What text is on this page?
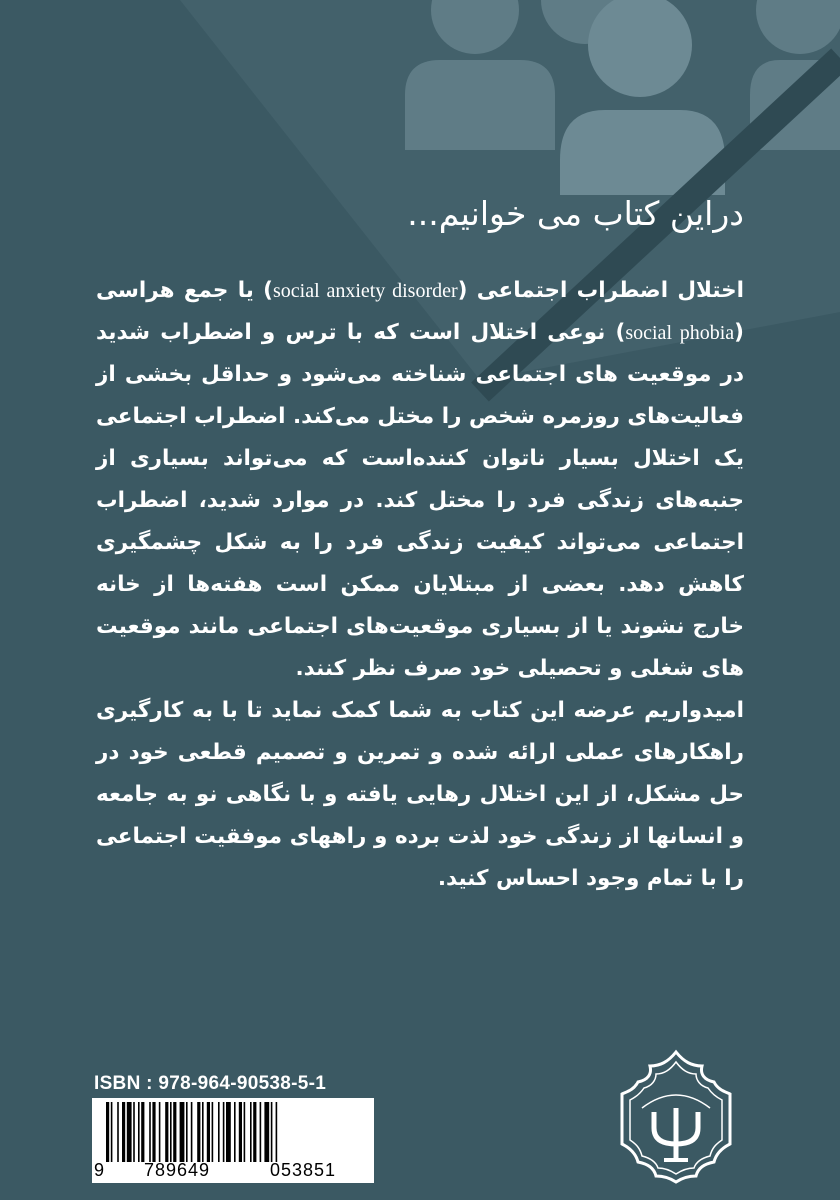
دراین کتاب می خوانیم...

اختلال اضطراب اجتماعی (social anxiety disorder) یا جمع هراسی (social phobia) نوعی اختلال است که با ترس و اضطراب شدید در موقعیت های اجتماعی شناخته می‌شود و حداقل بخشی از فعالیت‌های روزمره شخص را مختل می‌کند. اضطراب اجتماعی یک اختلال بسیار ناتوان کننده‌است که می‌تواند بسیاری از جنبه‌های زندگی فرد را مختل کند. در موارد شدید، اضطراب اجتماعی می‌تواند کیفیت زندگی فرد را به شکل چشمگیری کاهش دهد. بعضی از مبتلایان ممکن است هفته‌ها از خانه خارج نشوند یا از بسیاری موقعیت‌های اجتماعی مانند موقعیت های شغلی و تحصیلی خود صرف نظر کنند.

امیدواریم عرضه این کتاب به شما کمک نماید تا با به کارگیری راهکارهای عملی ارائه شده و تمرین و تصمیم قطعی خود در حل مشکل، از این اختلال رهایی یافته و با نگاهی نو به جامعه و انسانها از زندگی خود لذت برده و راههای موفقیت اجتماعی را با تمام وجود احساس کنید.

ISBN : 978-964-90538-5-1
9 789649	053851
